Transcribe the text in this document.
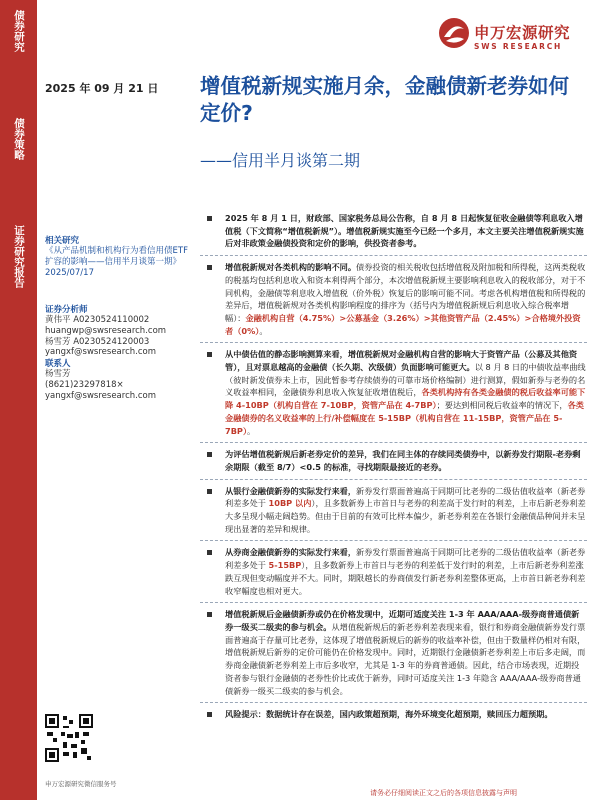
债券研究
债券策略
证券研究报告
申万宏源研究
SWS RESEARCH
2025 年 09 月 21 日 增值税新规实施月余，金融债新老券如何定价?
——信用半月谈第二期
相关研究
《从产品机制和机构行为看信用债ETF 扩容的影响——信用半月谈第一期》 2025/07/17
证券分析师
黄伟平 A0230524110002
huangwp@swsresearch.com
杨雪芳 A0230524120003
yangxf@swsresearch.com
联系人
杨雪芳
(8621)23297818×
yangxf@swsresearch.com
申万宏源研究微信服务号
请务必仔细阅读正文之后的各项信息披露与声明
2025 年 8 月 1 日，财政部、国家税务总局公告称，自 8 月 8 日起恢复征收金融债等利息收入增值税（下文简称“增值税新规”）。增值税新规实施至今已经一个多月，本文主要关注增值税新规实施后对非政策金融债投资和定价的影响，供投资者参考。
增值税新规对各类机构的影响不同。债券投资的相关税收包括增值税及附加税和所得税，这两类税收的税基均包括利息收入和资本利得两个部分，本次增值税新规主要影响利息收入的税收部分，对于不同机构，金融债等利息收入增值税（价外税）恢复后的影响可能不同。考虑各机构增值税和所得税的差异后，增值税新规对各类机构影响程度的排序为（括号内为增值税新规后利息收入综合税率增幅）：金融机构自营（4.75%）>公募基金（3.26%）>其他资管产品（2.45%）>合格境外投资者（0%）。
从中债估值的静态影响测算来看，增值税新规对金融机构自营的影响大于资管产品（公募及其他资管），且对票息越高的金融债（长久期、次级债）负面影响可能更大。以 8 月 8 日的中债收益率曲线（彼时新发债券未上市，因此暂参考存续债券的可靠市场价格编制）进行测算，假如新券与老券的名义收益率相同，金融债券利息收入恢复征收增值税后，各类机构持有各类金融债的税后收益率可能下降 4-10BP（机构自营在 7-10BP，资管产品在 4-7BP）；要达到相同税后收益率的情况下，各类金融债券的名义收益率的上行/补偿幅度在 5-15BP（机构自营在 11-15BP，资管产品在 5-7BP）。
为评估增值税新规后新老券定价的差异，我们在同主体的存续同类债券中，以新券发行期限-老券剩余期限（截至 8/7）<0.5 的标准，寻找期限最接近的老券。
从银行金融债新券的实际发行来看，新券发行票面普遍高于同期可比老券的二级估值收益率（新老券利差多处于 10BP 以内），且多数新券上市首日与老券的利差高于发行时的利差，上市后新老券利差大多呈现小幅走阔趋势。但由于目前的有效可比样本偏少，新老券利差在各银行金融债品种间并未呈现出显著的差异和规律。
从券商金融债新券的实际发行来看，新券发行票面普遍高于同期可比老券的二级估值收益率（新老券利差多处于 5-15BP），且多数新券上市首日与老券的利差低于发行时的利差，上市后新老券利差涨跌互现但变动幅度并不大。同时，期限越长的券商债发行新老券利差整体更高，上市首日新老券利差收窄幅度也相对更大。
增值税新规后金融债新券或仍在价格发现中，近期可适度关注 1-3 年 AAA/AAA-级券商普通债新券一级买二级卖的参与机会。从增值税新规后的新老券利差表现来看，银行和券商金融债新券发行票面普遍高于存量可比老券，这体现了增值税新规后的新券的收益率补偿，但由于数量样仍相对有限，增值税新规后新券的定价可能仍在价格发现中。同时，近期银行金融债新老券利差上市后多走阔，而券商金融债新老券利差上市后多收窄，尤其是 1-3 年的券商普通债。因此，结合市场表现，近期投资者参与银行金融债的老券性价比或优于新券，同时可适度关注 1-3 年隐含 AAA/AAA-级券商普通债新券一级买二级卖的参与机会。
风险提示：数据统计存在误差，国内政策超预期，海外环境变化超预期，赎回压力超预期。
